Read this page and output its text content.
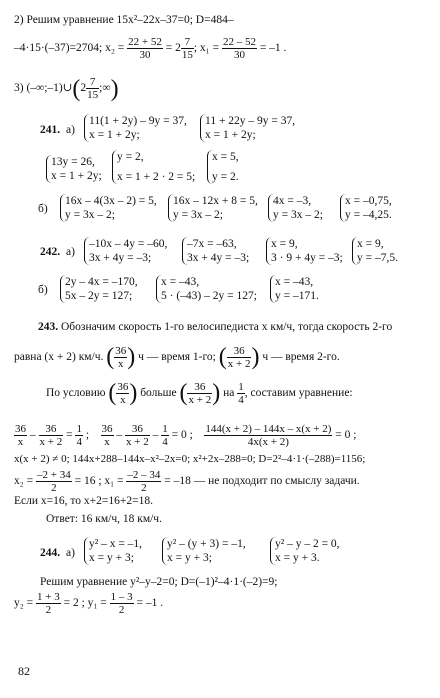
2) Решим уравнение 15x²–22x–37=0; D=484–
–4·15·(–37)=2704; $x_2 = \frac{22 + 52}{30} = 2 \frac{7}{15}$ ; $x_1 = \frac{22 - 52}{30} = -1$ .
3) (–∞;–1)∪(2 $\frac{7}{15}$ ;∞)
241. а)
11(1 + 2y) – 9y = 37,
x = 1 + 2y;
11 + 22y – 9y = 37,
x = 1 + 2y;
13y = 26,
x = 1 + 2y;
y = 2,
x = 1 + 2 · 2 = 5;
x = 5,
y = 2.
б)
16x – 4(3x – 2) = 5,
y = 3x – 2;
16x – 12x + 8 = 5,
y = 3x – 2;
4x = –3,
y = 3x – 2;
x = –0,75,
y = –4,25.
242. а)
–10x – 4y = –60,
3x + 4y = –3;
–7x = –63,
3x + 4y = –3;
x = 9,
3 · 9 + 4y = –3;
x = 9,
y = –7,5.
б)
2y – 4x = –170,
5x – 2y = 127;
x = –43,
5 · (–43) – 2y = 127;
x = –43,
y = –171.
243. Обозначим скорость 1-го велосипедиста x км/ч, тогда скорость 2-го
равна (x + 2) км/ч. ( $\frac{36}{x}$ ) ч — время 1-го; ( $\frac{36}{x + 2}$ ) ч — время 2-го.
По условию ( $\frac{36}{x}$ ) больше ( $\frac{36}{x + 2}$ ) на $\frac{1}{4}$ , составим уравнение:
$\frac{36}{x} - \frac{36}{x + 2} = \frac{1}{4}$ ; $\frac{36}{x} - \frac{36}{x + 2} - \frac{1}{4} = 0$ ; $\frac{144(x + 2) - 144x - x(x + 2)}{4x(x + 2)} = 0$ ;
x(x + 2) ≠ 0; 144x+288–144x–x²–2x=0; x²+2x–288=0; D=2²–4·1·(–288)=1156;
$x_2 = \frac{-2 + 34}{2} = 16$ ; $x_1 = \frac{-2 - 34}{2} = -18$ — не подходит по смыслу задачи.
Если x=16, то x+2=16+2=18.
Ответ: 16 км/ч, 18 км/ч.
244. а)
y² – x = –1,
x = y + 3;
y² – (y + 3) = –1,
x = y + 3;
y² – y – 2 = 0,
x = y + 3.
Решим уравнение y²–y–2=0; D=(–1)²–4·1·(–2)=9;
$y_2 = \frac{1 + 3}{2} = 2$ ; $y_1 = \frac{1 - 3}{2} = -1$ .
82
